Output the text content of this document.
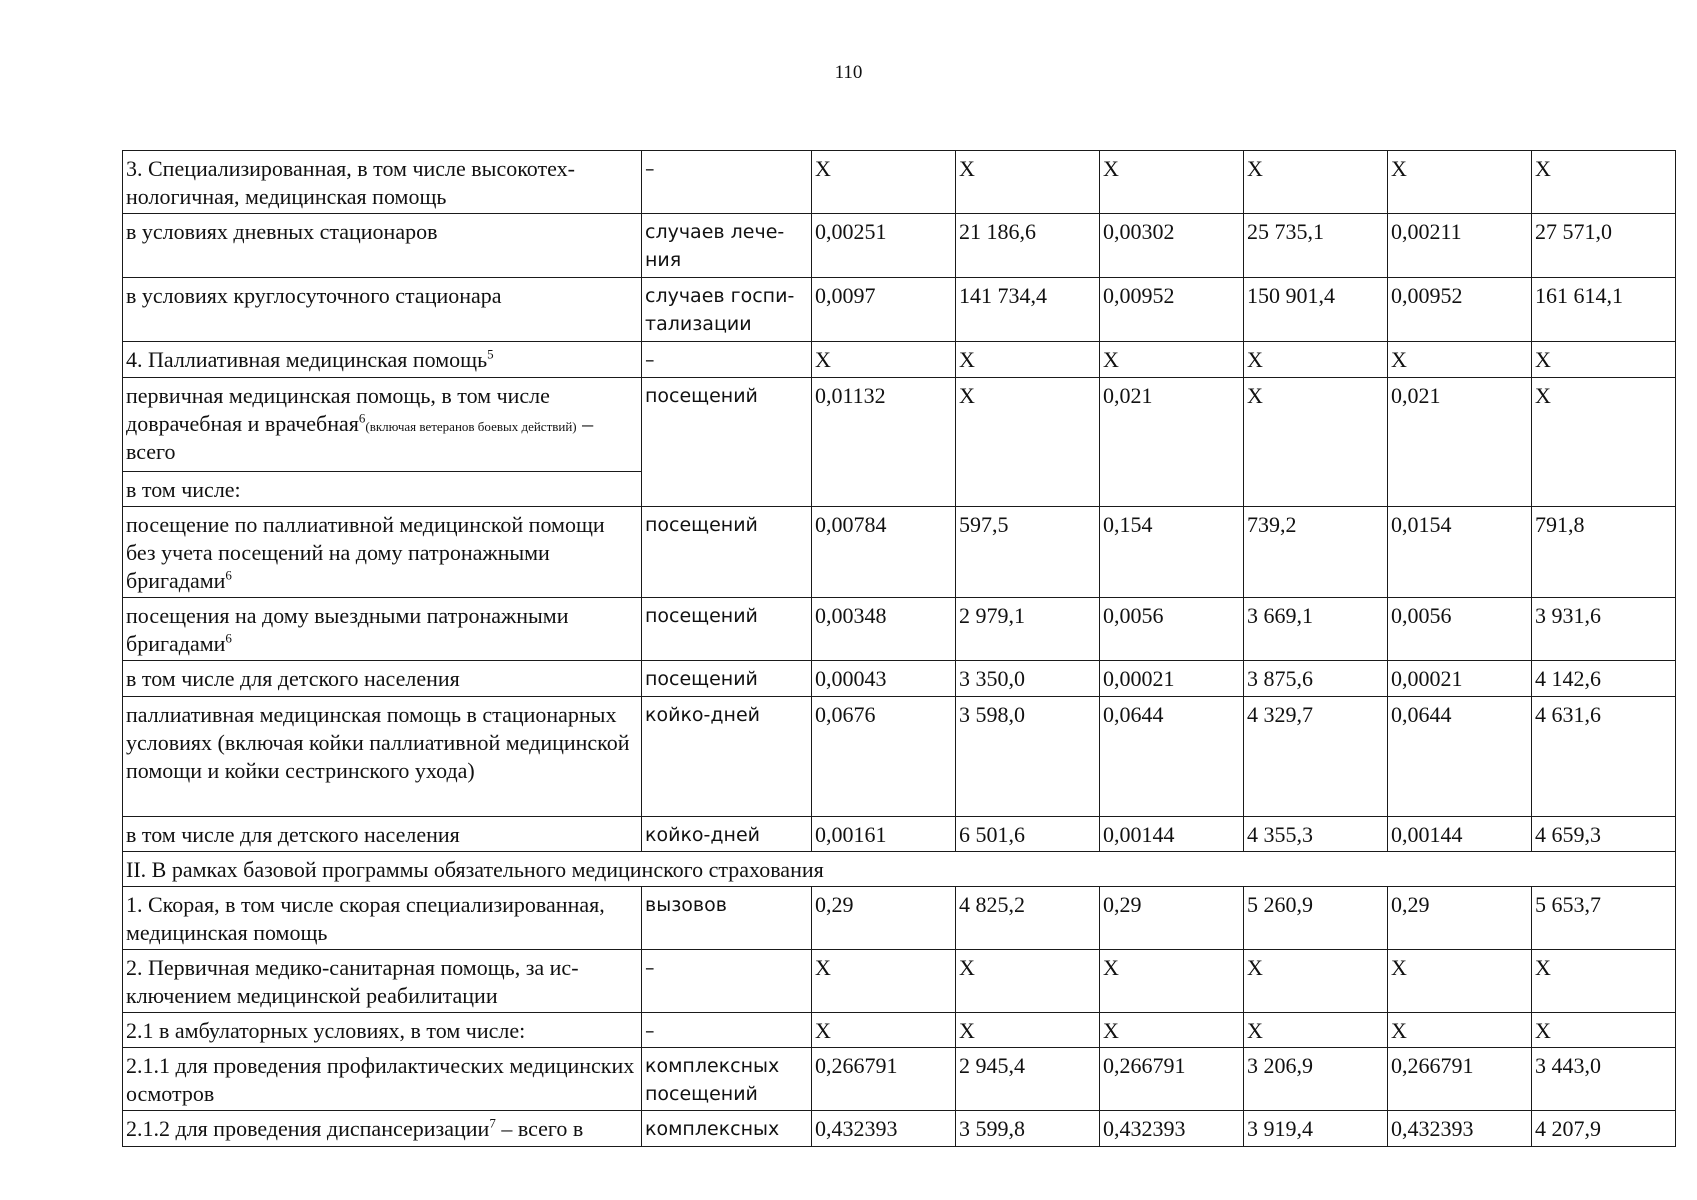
110
3. Специализированная, в том числе высокотехнологичная, медицинская помощь	–	Х	Х	Х	Х	Х	Х
в условиях дневных стационаров	случаев лечения	0,00251	21 186,6	0,00302	25 735,1	0,00211	27 571,0
в условиях круглосуточного стационара	случаев госпитализации	0,0097	141 734,4	0,00952	150 901,4	0,00952	161 614,1
4. Паллиативная медицинская помощь$^5$	–	Х	Х	Х	Х	Х	Х
первичная медицинская помощь, в том числе доврачебная и врачебная$^6$(включая ветеранов боевых действий) – всего	посещений	0,01132	Х	0,021	Х	0,021	Х
в том числе:							
посещение по паллиативной медицинской помощи без учета посещений на дому патронажными бригадами$^6$	посещений	0,00784	597,5	0,154	739,2	0,0154	791,8
посещения на дому выездными патронажными бригадами$^6$	посещений	0,00348	2 979,1	0,0056	3 669,1	0,0056	3 931,6
в том числе для детского населения	посещений	0,00043	3 350,0	0,00021	3 875,6	0,00021	4 142,6
паллиативная медицинская помощь в стационарных условиях (включая койки паллиативной медицинской помощи и койки сестринского ухода)	койко-дней	0,0676	3 598,0	0,0644	4 329,7	0,0644	4 631,6
в том числе для детского населения	койко-дней	0,00161	6 501,6	0,00144	4 355,3	0,00144	4 659,3
II. В рамках базовой программы обязательного медицинского страхования							
1. Скорая, в том числе скорая специализированная, медицинская помощь	вызовов	0,29	4 825,2	0,29	5 260,9	0,29	5 653,7
2. Первичная медико-санитарная помощь, за исключением медицинской реабилитации	–	Х	Х	Х	Х	Х	Х
2.1 в амбулаторных условиях, в том числе:	–	Х	Х	Х	Х	Х	Х
2.1.1 для проведения профилактических медицинских осмотров	комплексных посещений	0,266791	2 945,4	0,266791	3 206,9	0,266791	3 443,0
2.1.2 для проведения диспансеризации$^7$ – всего в	комплексных	0,432393	3 599,8	0,432393	3 919,4	0,432393	4 207,9
